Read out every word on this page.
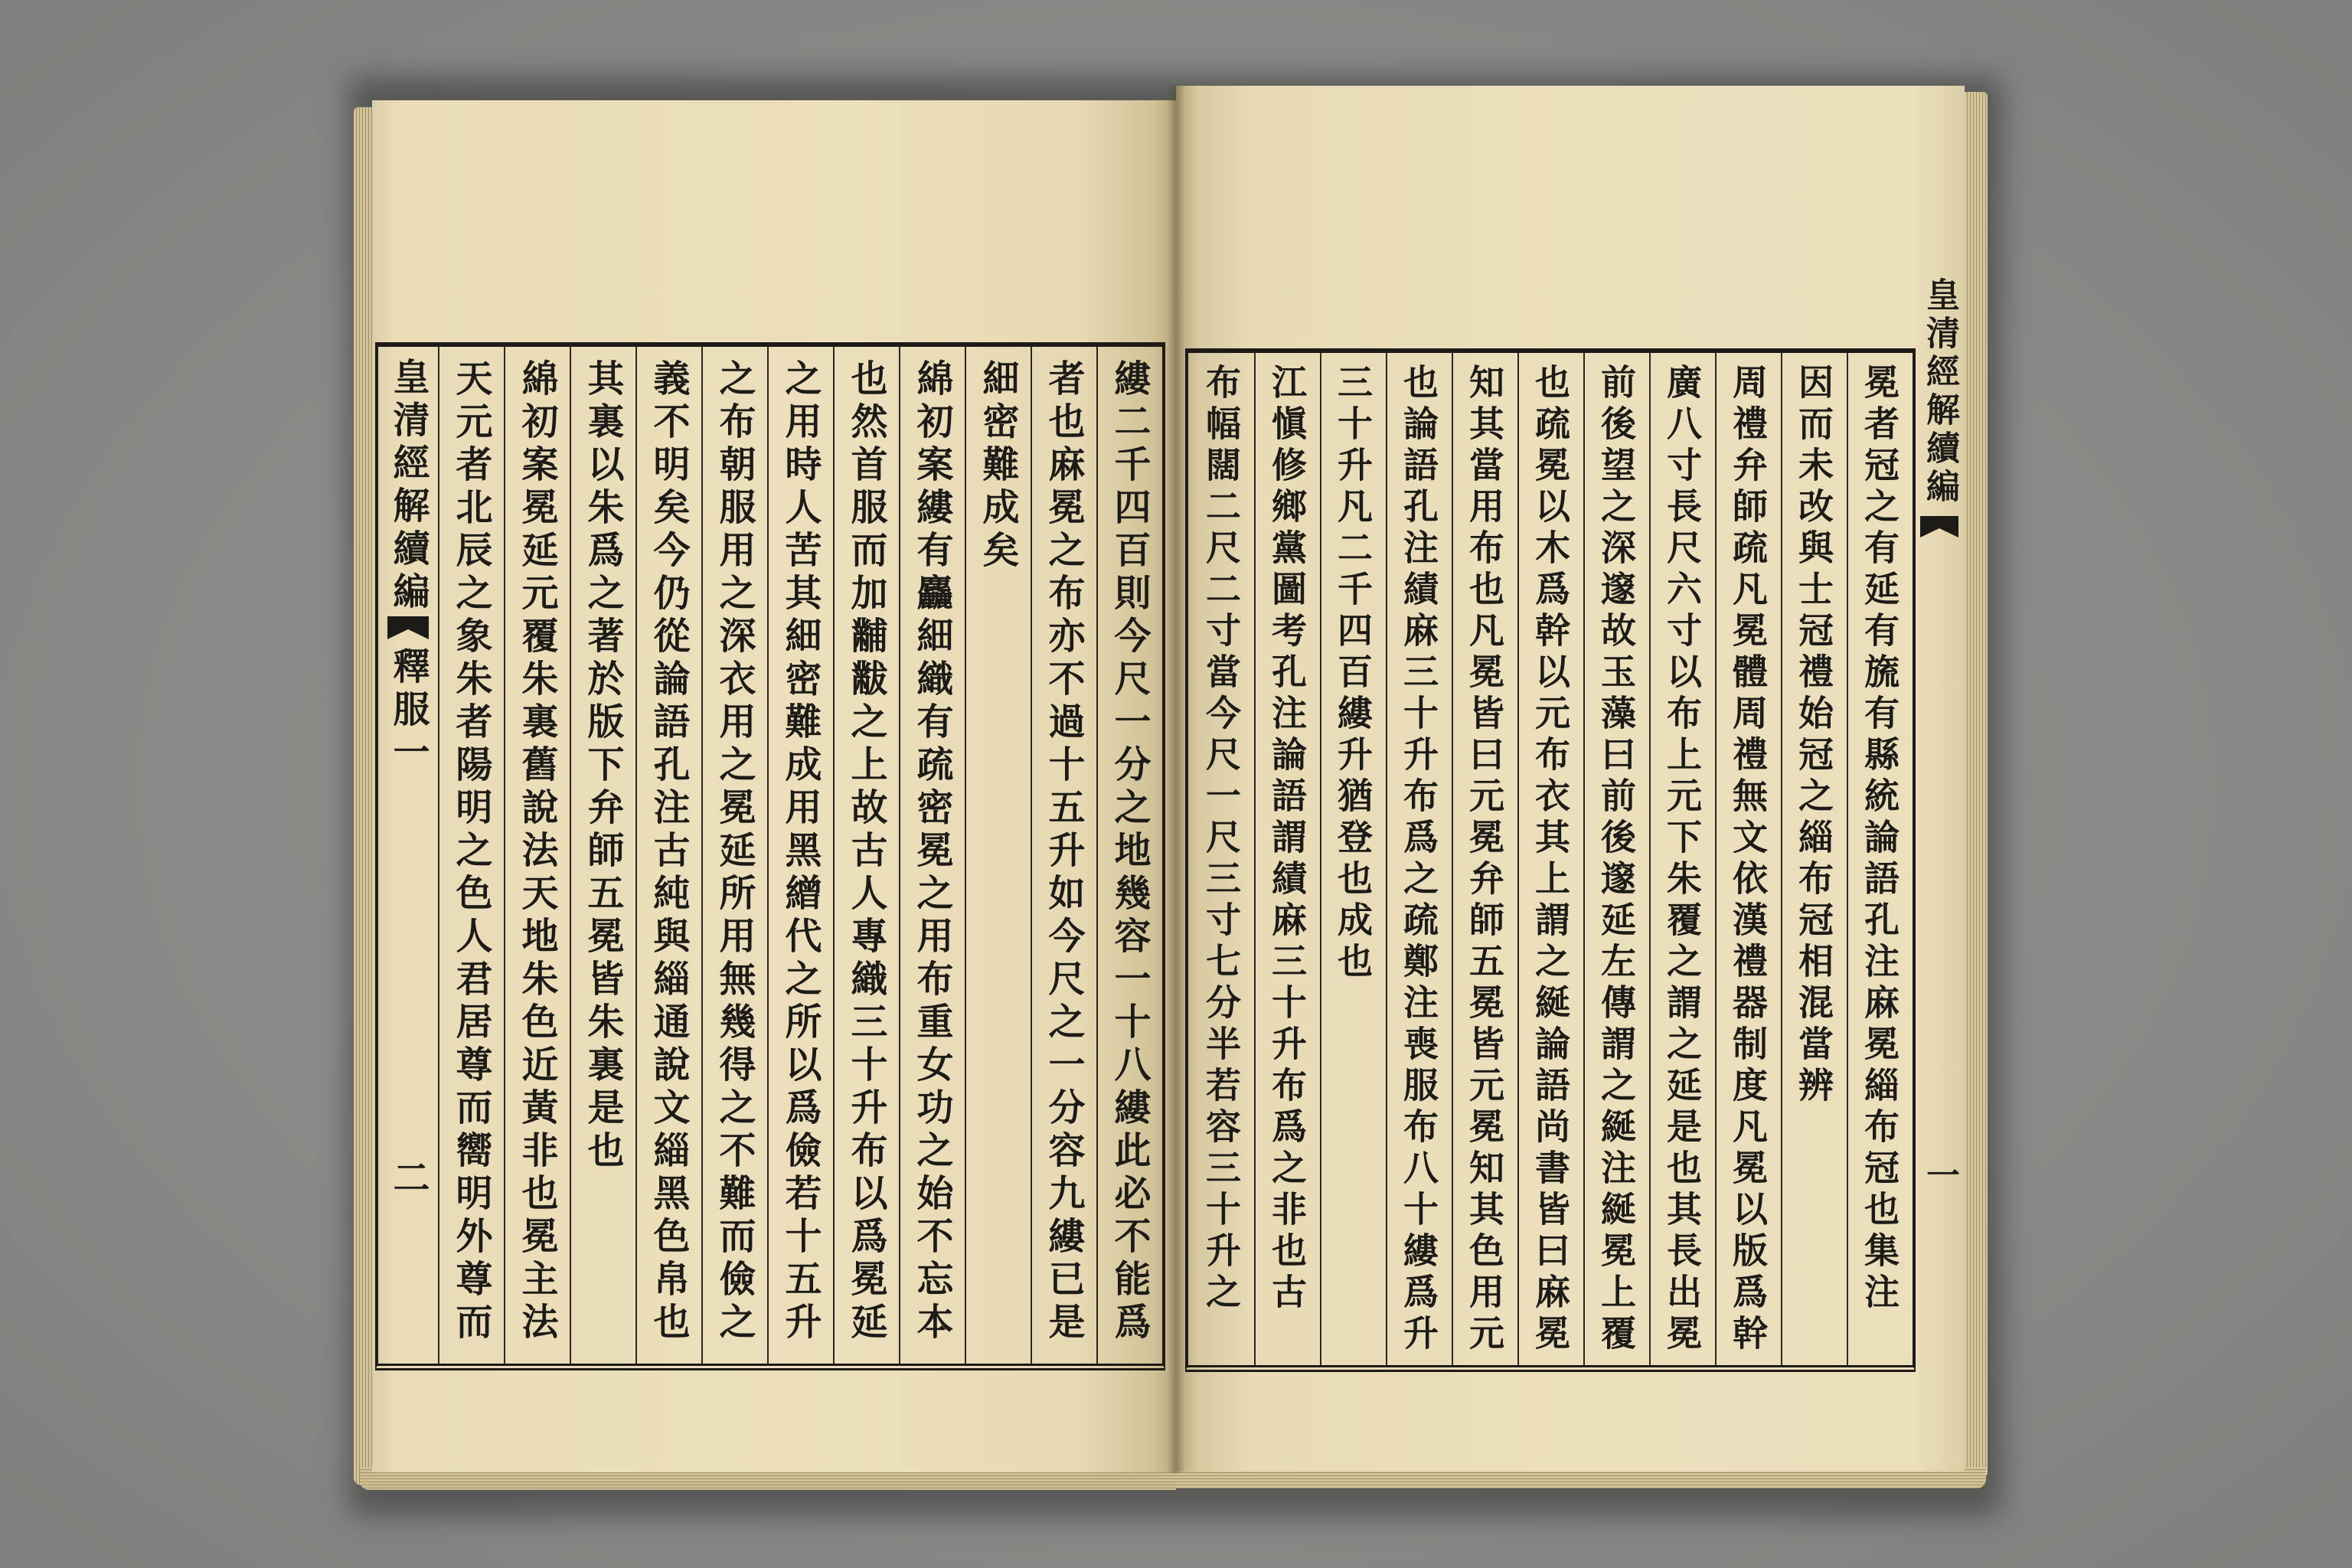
縷二千四百則今尺一分之地幾容一十八縷此必不能爲
者也麻冕之布亦不過十五升如今尺之一分容九縷已是
細密難成矣
綿初案縷有麤細織有疏密冕之用布重女功之始不忘本
也然首服而加黼黻之上故古人專織三十升布以爲冕延
之用時人苦其細密難成用黑繒代之所以爲儉若十五升
之布朝服用之深衣用之冕延所用無幾得之不難而儉之
義不明矣今仍從論語孔注古純與緇通說文緇黑色帛也
其裏以朱爲之著於版下弁師五冕皆朱裏是也
綿初案冕延元覆朱裏舊說法天地朱色近黃非也冕主法
天元者北辰之象朱者陽明之色人君居尊而嚮明外尊而
皇清經解續編
釋服一
二	冕者冠之有延有旒有縣統論語孔注麻冕緇布冠也集注
因而未改與士冠禮始冠之緇布冠相混當辨
周禮弁師疏凡冕體周禮無文依漢禮器制度凡冕以版爲幹
廣八寸長尺六寸以布上元下朱覆之謂之延是也其長出冕
前後望之深邃故玉藻曰前後邃延左傳謂之綖注綖冕上覆
也疏冕以木爲幹以元布衣其上謂之綖論語尚書皆曰麻冕
知其當用布也凡冕皆曰元冕弁師五冕皆元冕知其色用元
也論語孔注績麻三十升布爲之疏鄭注喪服布八十縷爲升
三十升凡二千四百縷升猶登也成也
江愼修鄉黨圖考孔注論語謂績麻三十升布爲之非也古
布幅闊二尺二寸當今尺一尺三寸七分半若容三十升之	皇清經解續編
一
